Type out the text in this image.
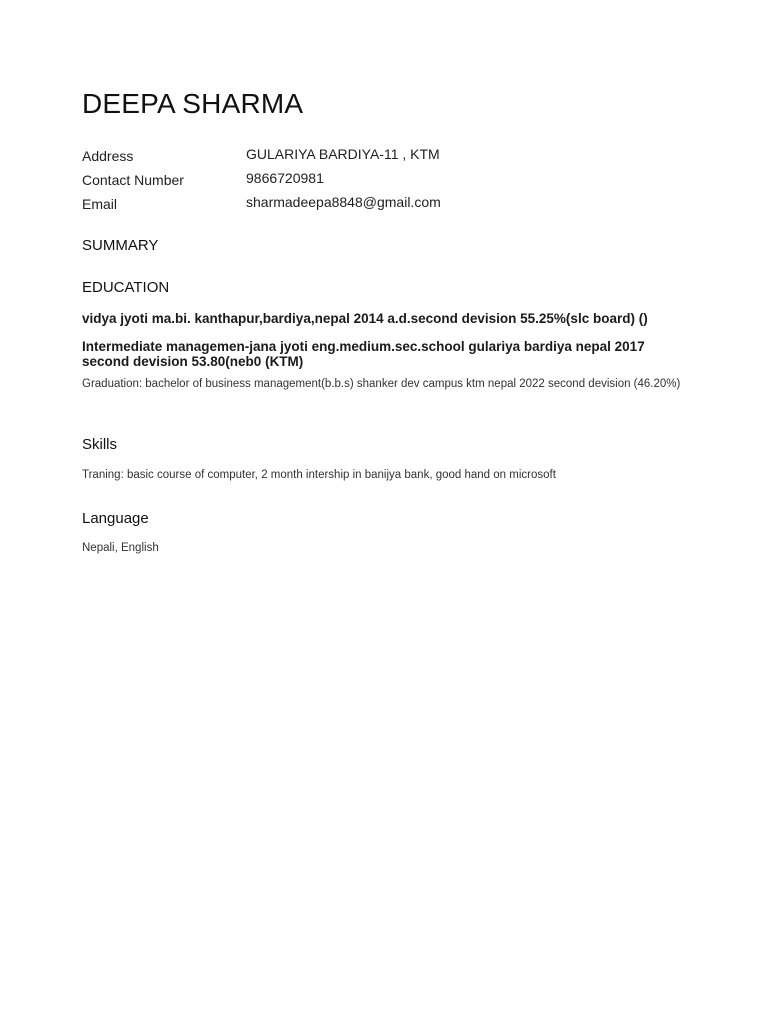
DEEPA SHARMA
Address	GULARIYA BARDIYA-11 , KTM
Contact Number	9866720981
Email	sharmadeepa8848@gmail.com
SUMMARY
EDUCATION
vidya jyoti ma.bi. kanthapur,bardiya,nepal 2014 a.d.second devision 55.25%(slc board) ()
Intermediate managemen-jana jyoti eng.medium.sec.school gulariya bardiya nepal 2017 second devision 53.80(neb0 (KTM)
Graduation: bachelor of business management(b.b.s) shanker dev campus ktm nepal 2022 second devision (46.20%)
Skills
Traning: basic course of computer, 2 month intership in banijya bank, good hand on microsoft
Language
Nepali, English
